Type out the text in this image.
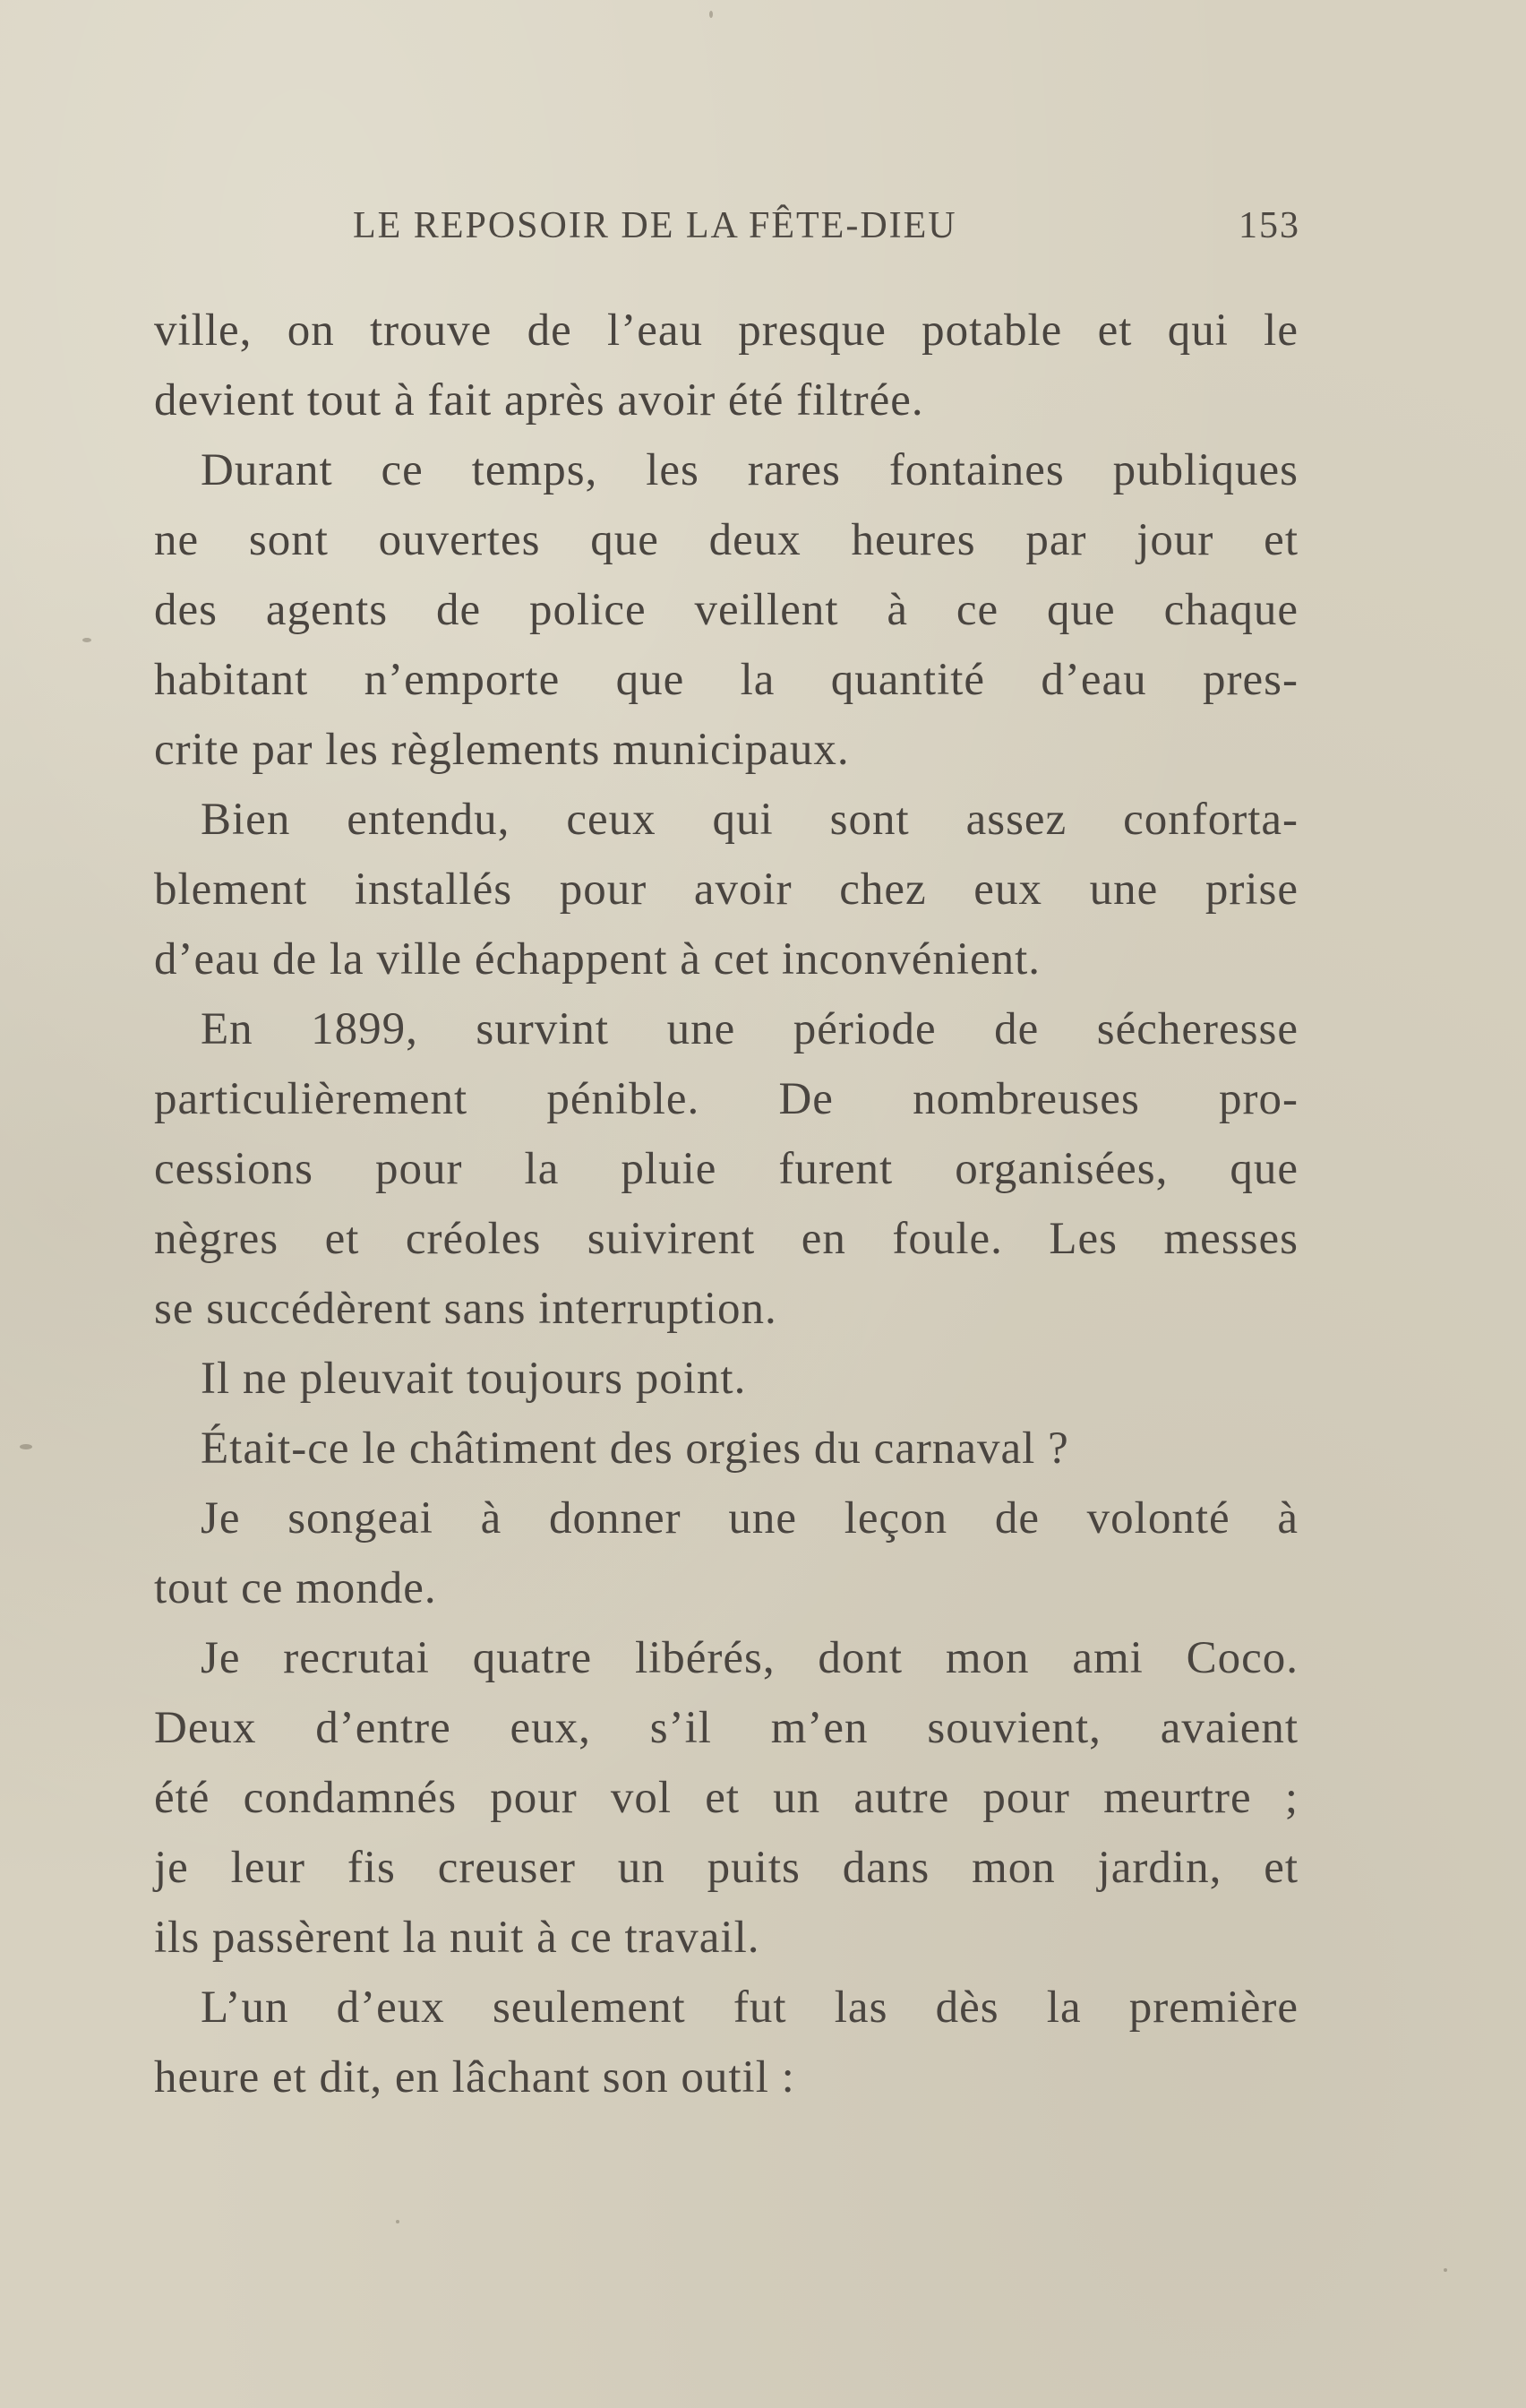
LE REPOSOIR DE LA FÊTE-DIEU	153
ville, on trouve de l’eau presque potable et qui le
devient tout à fait après avoir été filtrée.
Durant ce temps, les rares fontaines publiques
ne sont ouvertes que deux heures par jour et
des agents de police veillent à ce que chaque
habitant n’emporte que la quantité d’eau pres-
crite par les règlements municipaux.
Bien entendu, ceux qui sont assez conforta-
blement installés pour avoir chez eux une prise
d’eau de la ville échappent à cet inconvénient.
En 1899, survint une période de sécheresse
particulièrement pénible. De nombreuses pro-
cessions pour la pluie furent organisées, que
nègres et créoles suivirent en foule. Les messes
se succédèrent sans interruption.
Il ne pleuvait toujours point.
Était-ce le châtiment des orgies du carnaval ?
Je songeai à donner une leçon de volonté à
tout ce monde.
Je recrutai quatre libérés, dont mon ami Coco.
Deux d’entre eux, s’il m’en souvient, avaient
été condamnés pour vol et un autre pour meurtre ;
je leur fis creuser un puits dans mon jardin, et
ils passèrent la nuit à ce travail.
L’un d’eux seulement fut las dès la première
heure et dit, en lâchant son outil :
